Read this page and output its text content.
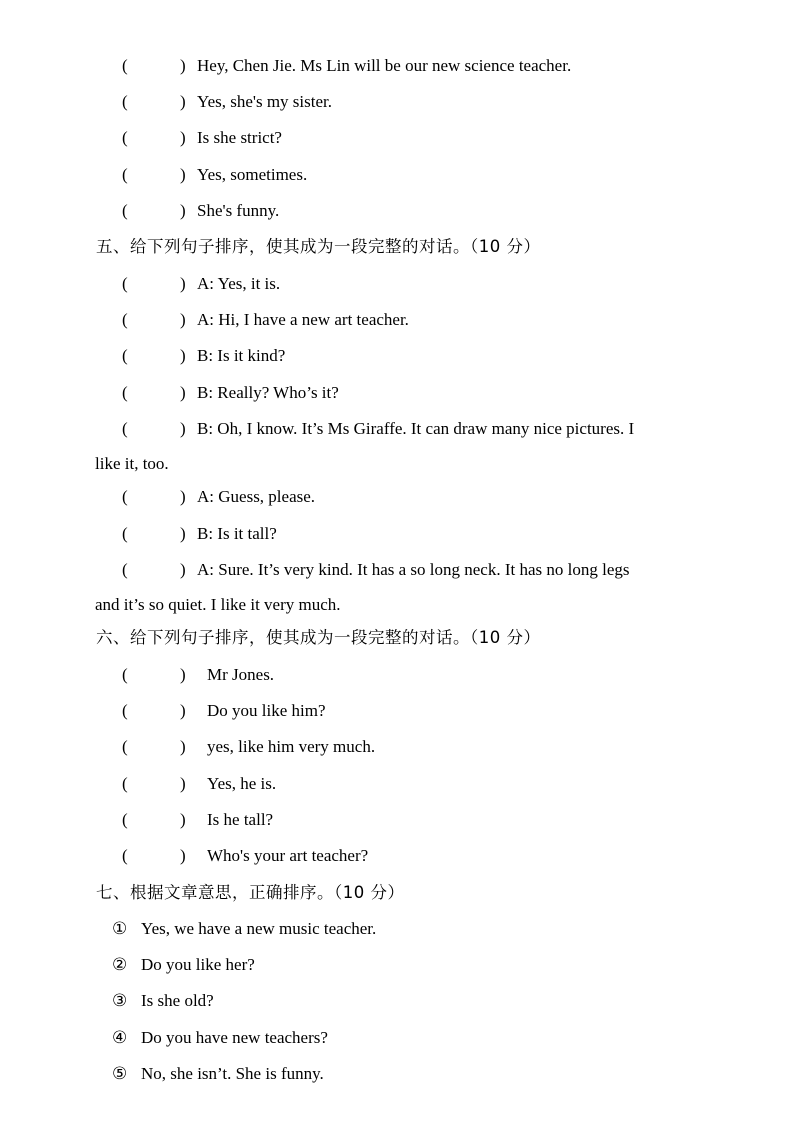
(	) Hey, Chen Jie. Ms Lin will be our new science teacher.
(	) Yes, she's my sister.
(	) Is she strict?
(	) Yes, sometimes.
(	) She's funny.
五、给下列句子排序，使其成为一段完整的对话。（10 分）
(	) A: Yes, it is.
(	) A: Hi, I have a new art teacher.
(	) B: Is it kind?
(	) B: Really? Who’s it?
(	) B: Oh, I know. It’s Ms Giraffe. It can draw many nice pictures. I
like it, too.
(	) A: Guess, please.
(	) B: Is it tall?
(	) A: Sure. It’s very kind. It has a so long neck. It has no long legs
and it’s so quiet. I like it very much.
六、给下列句子排序，使其成为一段完整的对话。（10 分）
(	) Mr Jones.
(	) Do you like him?
(	) yes, like him very much.
(	) Yes, he is.
(	) Is he tall?
(	) Who's your art teacher?
七、根据文章意思，正确排序。（10 分）
① Yes, we have a new music teacher.
② Do you like her?
③ Is she old?
④ Do you have new teachers?
⑤ No, she isn’t. She is funny.
